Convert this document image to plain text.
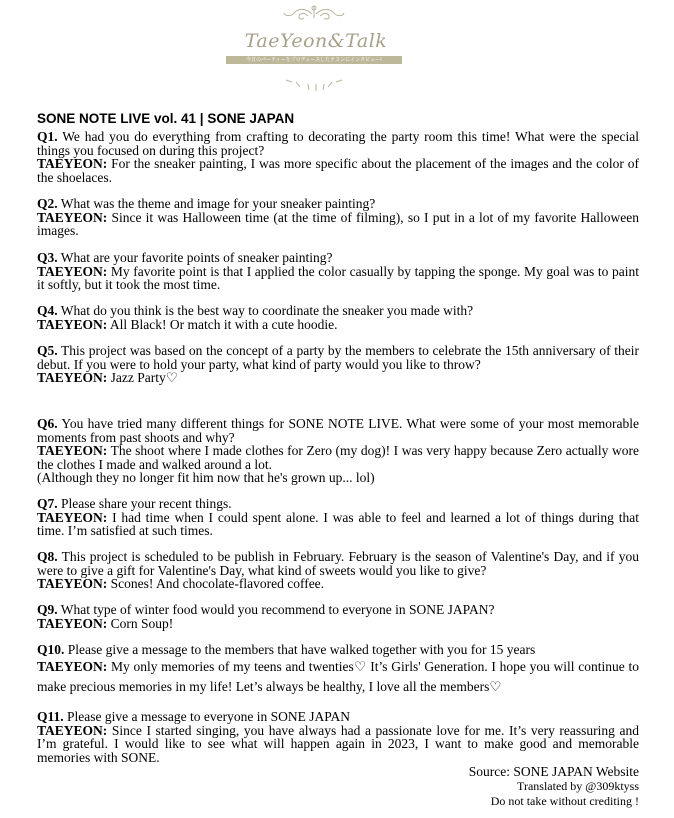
TaeYeon&Talk
今日のパーティーをプロデュースしたテヨンにインタビュー!
SONE NOTE LIVE vol. 41 | SONE JAPAN

Q1. We had you do everything from crafting to decorating the party room this time! What were the special things you focused on during this project?

TAEYEON: For the sneaker painting, I was more specific about the placement of the images and the color of the shoelaces.

Q2. What was the theme and image for your sneaker painting?

TAEYEON: Since it was Halloween time (at the time of filming), so I put in a lot of my favorite Halloween images.

Q3. What are your favorite points of sneaker painting?

TAEYEON: My favorite point is that I applied the color casually by tapping the sponge. My goal was to paint it softly, but it took the most time.

Q4. What do you think is the best way to coordinate the sneaker you made with?

TAEYEON: All Black! Or match it with a cute hoodie.

Q5. This project was based on the concept of a party by the members to celebrate the 15th anniversary of their debut. If you were to hold your party, what kind of party would you like to throw?

TAEYEON: Jazz Party♡

Q6. You have tried many different things for SONE NOTE LIVE. What were some of your most memorable moments from past shoots and why?

TAEYEON: The shoot where I made clothes for Zero (my dog)! I was very happy because Zero actually wore the clothes I made and walked around a lot.

(Although they no longer fit him now that he's grown up... lol)

Q7. Please share your recent things.

TAEYEON: I had time when I could spent alone. I was able to feel and learned a lot of things during that time. I’m satisfied at such times.

Q8. This project is scheduled to be publish in February. February is the season of Valentine's Day, and if you were to give a gift for Valentine's Day, what kind of sweets would you like to give?

TAEYEON: Scones! And chocolate-flavored coffee.

Q9. What type of winter food would you recommend to everyone in SONE JAPAN?

TAEYEON: Corn Soup!

Q10. Please give a message to the members that have walked together with you for 15 years

TAEYEON: My only memories of my teens and twenties♡ It’s Girls' Generation. I hope you will continue to make precious memories in my life! Let’s always be healthy, I love all the members♡

Q11. Please give a message to everyone in SONE JAPAN

TAEYEON: Since I started singing, you have always had a passionate love for me. It’s very reassuring and I’m grateful. I would like to see what will happen again in 2023, I want to make good and memorable memories with SONE.

Source: SONE JAPAN Website
Translated by @309ktyss
Do not take without crediting !
